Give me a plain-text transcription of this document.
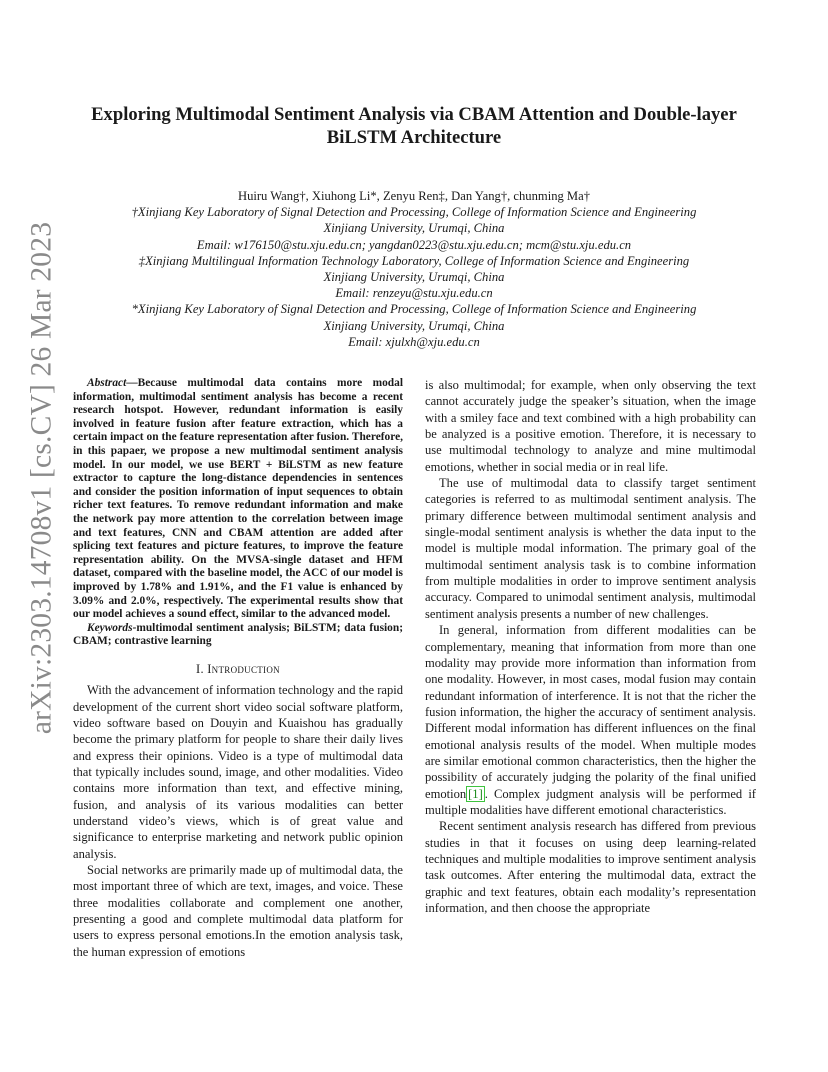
arXiv:2303.14708v1 [cs.CV] 26 Mar 2023
Exploring Multimodal Sentiment Analysis via CBAM Attention and Double-layer BiLSTM Architecture
Huiru Wang†, Xiuhong Li*, Zenyu Ren‡, Dan Yang†, chunming Ma†
†Xinjiang Key Laboratory of Signal Detection and Processing, College of Information Science and Engineering
Xinjiang University, Urumqi, China
Email: w176150@stu.xju.edu.cn; yangdan0223@stu.xju.edu.cn; mcm@stu.xju.edu.cn
‡Xinjiang Multilingual Information Technology Laboratory, College of Information Science and Engineering
Xinjiang University, Urumqi, China
Email: renzeyu@stu.xju.edu.cn
*Xinjiang Key Laboratory of Signal Detection and Processing, College of Information Science and Engineering
Xinjiang University, Urumqi, China
Email: xjulxh@xju.edu.cn

Abstract—Because multimodal data contains more modal information, multimodal sentiment analysis has become a recent research hotspot. However, redundant information is easily involved in feature fusion after feature extraction, which has a certain impact on the feature representation after fusion. Therefore, in this papaer, we propose a new multimodal sentiment analysis model. In our model, we use BERT + BiLSTM as new feature extractor to capture the long-distance dependencies in sentences and consider the position information of input sequences to obtain richer text features. To remove redundant information and make the network pay more attention to the correlation between image and text features, CNN and CBAM attention are added after splicing text features and picture features, to improve the feature representation ability. On the MVSA-single dataset and HFM dataset, compared with the baseline model, the ACC of our model is improved by 1.78% and 1.91%, and the F1 value is enhanced by 3.09% and 2.0%, respectively. The experimental results show that our model achieves a sound effect, similar to the advanced model.

Keywords-multimodal sentiment analysis; BiLSTM; data fusion; CBAM; contrastive learning

I. Introduction

With the advancement of information technology and the rapid development of the current short video social software platform, video software based on Douyin and Kuaishou has gradually become the primary platform for people to share their daily lives and express their opinions. Video is a type of multimodal data that typically includes sound, image, and other modalities. Video contains more information than text, and effective mining, fusion, and analysis of its various modalities can better understand video’s views, which is of great value and significance to enterprise marketing and network public opinion analysis.

Social networks are primarily made up of multimodal data, the most important three of which are text, images, and voice. These three modalities collaborate and complement one another, presenting a good and complete multimodal data platform for users to express personal emotions.In the emotion analysis task, the human expression of emotions

is also multimodal; for example, when only observing the text cannot accurately judge the speaker’s situation, when the image with a smiley face and text combined with a high probability can be analyzed is a positive emotion. Therefore, it is necessary to use multimodal technology to analyze and mine multimodal emotions, whether in social media or in real life.

The use of multimodal data to classify target sentiment categories is referred to as multimodal sentiment analysis. The primary difference between multimodal sentiment analysis and single-modal sentiment analysis is whether the data input to the model is multiple modal information. The primary goal of the multimodal sentiment analysis task is to combine information from multiple modalities in order to improve sentiment analysis accuracy. Compared to unimodal sentiment analysis, multimodal sentiment analysis presents a number of new challenges.

In general, information from different modalities can be complementary, meaning that information from more than one modality may provide more information than information from one modality. However, in most cases, modal fusion may contain redundant information of interference. It is not that the richer the fusion information, the higher the accuracy of sentiment analysis. Different modal information has different influences on the final emotional analysis results of the model. When multiple modes are similar emotional common characteristics, then the higher the possibility of accurately judging the polarity of the final unified emotion [1] . Complex judgment analysis will be performed if multiple modalities have different emotional characteristics.

Recent sentiment analysis research has differed from previous studies in that it focuses on using deep learning-related techniques and multiple modalities to improve sentiment analysis task outcomes. After entering the multimodal data, extract the graphic and text features, obtain each modality’s representation information, and then choose the appropriate
